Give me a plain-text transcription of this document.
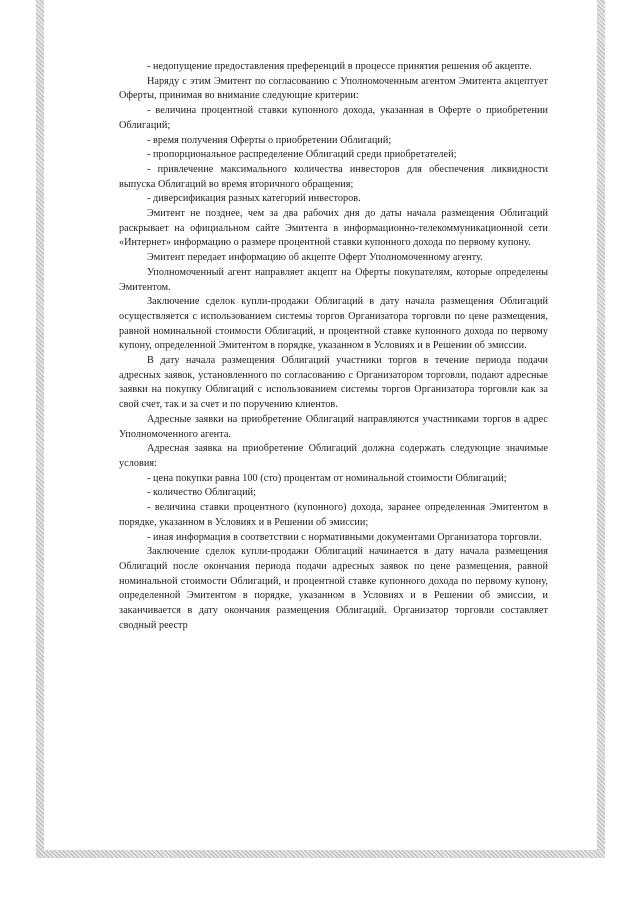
- недопущение предоставления преференций в процессе принятия решения об акцепте.

Наряду с этим Эмитент по согласованию с Уполномоченным агентом Эмитента акцептует Оферты, принимая во внимание следующие критерии:

- величина процентной ставки купонного дохода, указанная в Оферте о приобретении Облигаций;

- время получения Оферты о приобретении Облигаций;

- пропорциональное распределение Облигаций среди приобретателей;

- привлечение максимального количества инвесторов для обеспечения ликвидности выпуска Облигаций во время вторичного обращения;

- диверсификация разных категорий инвесторов.

Эмитент не позднее, чем за два рабочих дня до даты начала размещения Облигаций раскрывает на официальном сайте Эмитента в информационно-телекоммуникационной сети «Интернет» информацию о размере процентной ставки купонного дохода по первому купону.

Эмитент передает информацию об акцепте Оферт Уполномоченному агенту.

Уполномоченный агент направляет акцепт на Оферты покупателям, которые определены Эмитентом.

Заключение сделок купли-продажи Облигаций в дату начала размещения Облигаций осуществляется с использованием системы торгов Организатора торговли по цене размещения, равной номинальной стоимости Облигаций, и процентной ставке купонного дохода по первому купону, определенной Эмитентом в порядке, указанном в Условиях и в Решении об эмиссии.

В дату начала размещения Облигаций участники торгов в течение периода подачи адресных заявок, установленного по согласованию с Организатором торговли, подают адресные заявки на покупку Облигаций с использованием системы торгов Организатора торговли как за свой счет, так и за счет и по поручению клиентов.

Адресные заявки на приобретение Облигаций направляются участниками торгов в адрес Уполномоченного агента.

Адресная заявка на приобретение Облигаций должна содержать следующие значимые условия:

- цена покупки равна 100 (сто) процентам от номинальной стоимости Облигаций;

- количество Облигаций;

- величина ставки процентного (купонного) дохода, заранее определенная Эмитентом в порядке, указанном в Условиях и в Решении об эмиссии;

- иная информация в соответствии с нормативными документами Организатора торговли.

Заключение сделок купли-продажи Облигаций начинается в дату начала размещения Облигаций после окончания периода подачи адресных заявок по цене размещения, равной номинальной стоимости Облигаций, и процентной ставке купонного дохода по первому купону, определенной Эмитентом в порядке, указанном в Условиях и в Решении об эмиссии, и заканчивается в дату окончания размещения Облигаций. Организатор торговли составляет сводный реестр
